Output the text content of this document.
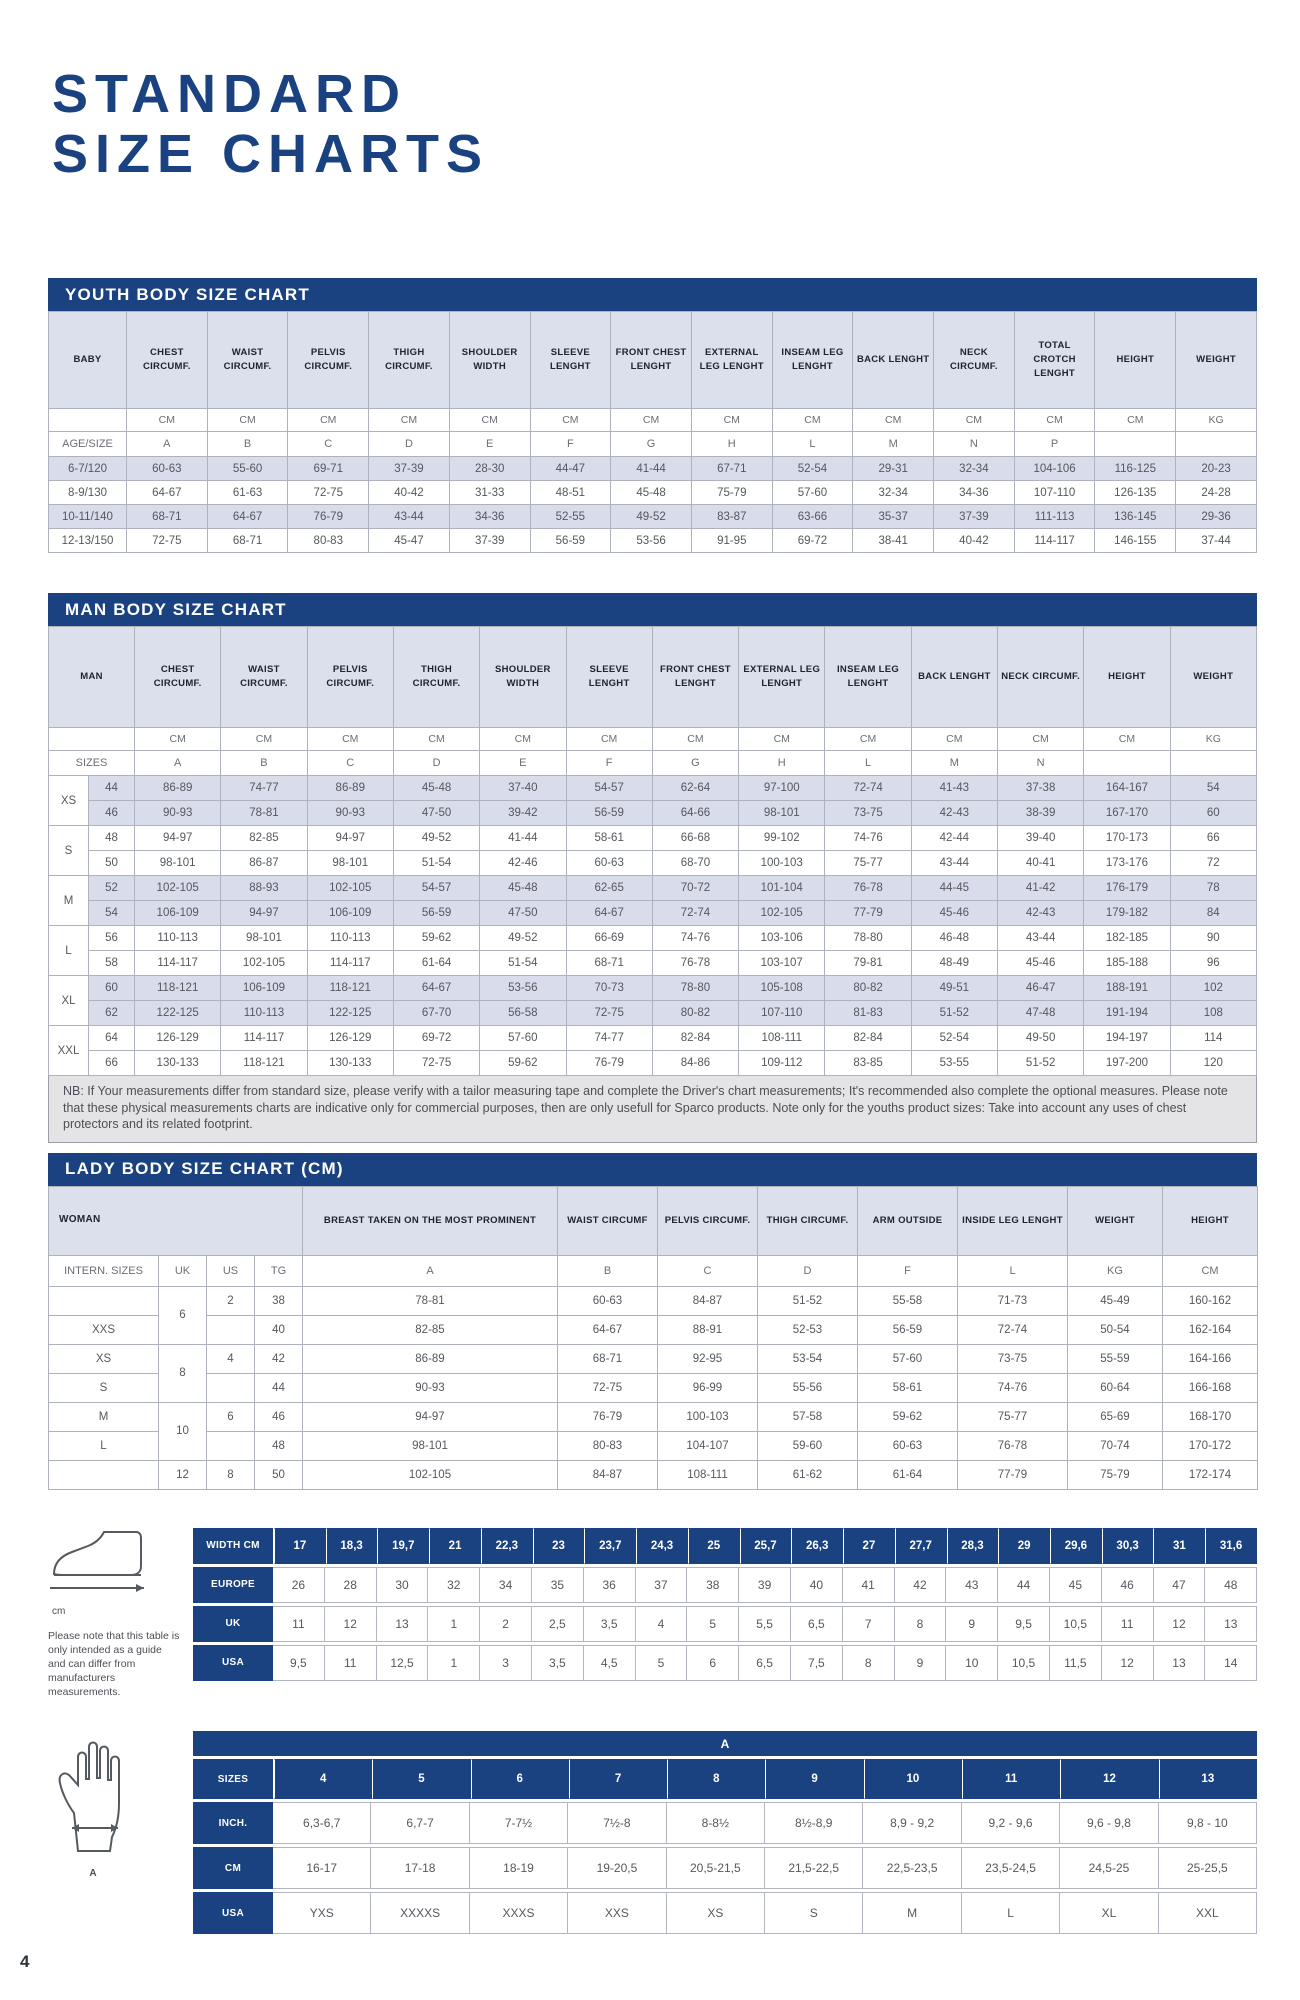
STANDARD
SIZE CHARTS
YOUTH BODY SIZE CHART
BABY	CHEST CIRCUMF.	WAIST CIRCUMF.	PELVIS CIRCUMF.	THIGH CIRCUMF.	SHOULDER WIDTH	SLEEVE LENGHT	FRONT CHEST LENGHT	EXTERNAL LEG LENGHT	INSEAM LEG LENGHT	BACK LENGHT	NECK CIRCUMF.	TOTAL CROTCH LENGHT	HEIGHT	WEIGHT
	CM	CM	CM	CM	CM	CM	CM	CM	CM	CM	CM	CM	CM	KG
AGE/SIZE	A	B	C	D	E	F	G	H	L	M	N	P		
6-7/120	60-63	55-60	69-71	37-39	28-30	44-47	41-44	67-71	52-54	29-31	32-34	104-106	116-125	20-23
8-9/130	64-67	61-63	72-75	40-42	31-33	48-51	45-48	75-79	57-60	32-34	34-36	107-110	126-135	24-28
10-11/140	68-71	64-67	76-79	43-44	34-36	52-55	49-52	83-87	63-66	35-37	37-39	111-113	136-145	29-36
12-13/150	72-75	68-71	80-83	45-47	37-39	56-59	53-56	91-95	69-72	38-41	40-42	114-117	146-155	37-44
MAN BODY SIZE CHART
MAN		CHEST CIRCUMF.	WAIST CIRCUMF.	PELVIS CIRCUMF.	THIGH CIRCUMF.	SHOULDER WIDTH	SLEEVE LENGHT	FRONT CHEST LENGHT	EXTERNAL LEG LENGHT	INSEAM LEG LENGHT	BACK LENGHT	NECK CIRCUMF.	HEIGHT	WEIGHT
		CM	CM	CM	CM	CM	CM	CM	CM	CM	CM	CM	CM	KG
SIZES		A	B	C	D	E	F	G	H	L	M	N		
XS	44	86-89	74-77	86-89	45-48	37-40	54-57	62-64	97-100	72-74	41-43	37-38	164-167	54
	46	90-93	78-81	90-93	47-50	39-42	56-59	64-66	98-101	73-75	42-43	38-39	167-170	60
S	48	94-97	82-85	94-97	49-52	41-44	58-61	66-68	99-102	74-76	42-44	39-40	170-173	66
	50	98-101	86-87	98-101	51-54	42-46	60-63	68-70	100-103	75-77	43-44	40-41	173-176	72
M	52	102-105	88-93	102-105	54-57	45-48	62-65	70-72	101-104	76-78	44-45	41-42	176-179	78
	54	106-109	94-97	106-109	56-59	47-50	64-67	72-74	102-105	77-79	45-46	42-43	179-182	84
L	56	110-113	98-101	110-113	59-62	49-52	66-69	74-76	103-106	78-80	46-48	43-44	182-185	90
	58	114-117	102-105	114-117	61-64	51-54	68-71	76-78	103-107	79-81	48-49	45-46	185-188	96
XL	60	118-121	106-109	118-121	64-67	53-56	70-73	78-80	105-108	80-82	49-51	46-47	188-191	102
	62	122-125	110-113	122-125	67-70	56-58	72-75	80-82	107-110	81-83	51-52	47-48	191-194	108
XXL	64	126-129	114-117	126-129	69-72	57-60	74-77	82-84	108-111	82-84	52-54	49-50	194-197	114
	66	130-133	118-121	130-133	72-75	59-62	76-79	84-86	109-112	83-85	53-55	51-52	197-200	120
NB: If Your measurements differ from standard size, please verify with a tailor measuring tape and complete the Driver's chart measurements; It's recommended also complete the optional measures. Please note that these physical measurements charts are indicative only for commercial purposes, then are only usefull for Sparco products. Note only for the youths product sizes: Take into account any uses of chest protectors and its related footprint.
LADY BODY SIZE CHART (CM)
WOMAN				BREAST TAKEN ON THE MOST PROMINENT	WAIST CIRCUMF	PELVIS CIRCUMF.	THIGH CIRCUMF.	ARM OUTSIDE	INSIDE LEG LENGHT	WEIGHT	HEIGHT
INTERN. SIZES	UK	US	TG	A	B	C	D	F	L	KG	CM
	6	2	38	78-81	60-63	84-87	51-52	55-58	71-73	45-49	160-162
XXS			40	82-85	64-67	88-91	52-53	56-59	72-74	50-54	162-164
XS	8	4	42	86-89	68-71	92-95	53-54	57-60	73-75	55-59	164-166
S			44	90-93	72-75	96-99	55-56	58-61	74-76	60-64	166-168
M	10	6	46	94-97	76-79	100-103	57-58	59-62	75-77	65-69	168-170
L			48	98-101	80-83	104-107	59-60	60-63	76-78	70-74	170-172
	12	8	50	102-105	84-87	108-111	61-62	61-64	77-79	75-79	172-174
cm
Please note that this table is only intended as a guide and can differ from manufacturers measurements.
WIDTH CM	17	18,3	19,7	21	22,3	23	23,7	24,3	25	25,7	26,3	27	27,7	28,3	29	29,6	30,3	31	31,6
EUROPE	26	28	30	32	34	35	36	37	38	39	40	41	42	43	44	45	46	47	48
UK	11	12	13	1	2	2,5	3,5	4	5	5,5	6,5	7	8	9	9,5	10,5	11	12	13
USA	9,5	11	12,5	1	3	3,5	4,5	5	6	6,5	7,5	8	9	10	10,5	11,5	12	13	14
A
A
SIZES	4	5	6	7	8	9	10	11	12	13
INCH.	6,3-6,7	6,7-7	7-7½	7½-8	8-8½	8½-8,9	8,9 - 9,2	9,2 - 9,6	9,6 - 9,8	9,8 - 10
CM	16-17	17-18	18-19	19-20,5	20,5-21,5	21,5-22,5	22,5-23,5	23,5-24,5	24,5-25	25-25,5
USA	YXS	XXXXS	XXXS	XXS	XS	S	M	L	XL	XXL
4
